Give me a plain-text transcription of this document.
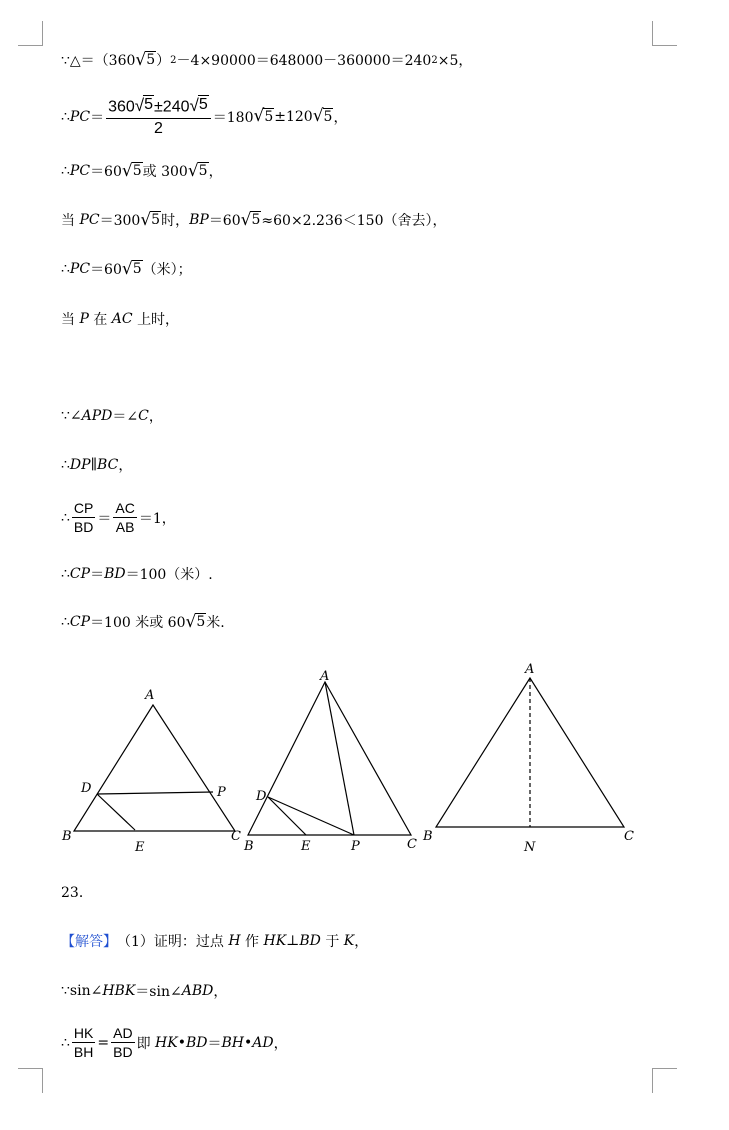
∵△＝（360 √ 5 ） 2 －4×90000＝648000－360000＝240 2 ×5，
∴ PC ＝ $\frac{360 √ 5 \pm 240 √ 5}{2} =180$ √ 5 ±120 √ 5 ，
∴ PC ＝60 √ 5 或 300 √ 5 ，
当
PC ＝300 √ 5 时， BP ＝60 √ 5 ≈60×2.236＜150（舍去），
∴ PC ＝60 √ 5 （米）；
当
P
在
AC
上时，
∵∠ APD ＝∠ C ，
∴ DP ∥ BC ，
∴ $\frac{CP}{BD} = \frac{AC}{AB} =1$，
∴ CP ＝ BD ＝100（米）.
∴ CP ＝100 米或 60 √ 5 米.
A
B	C
D
E
P
A
B	C
D
E	P
A
B	C
N
23．
【解答】 （1）证明：过点
H
作
HK ⊥ BD
于
K ，
∵sin∠ HBK ＝sin∠ ABD ，
∴ $\frac{HK}{BH} = \frac{AD}{BD}$ 即
HK • BD ＝ BH • AD ，
